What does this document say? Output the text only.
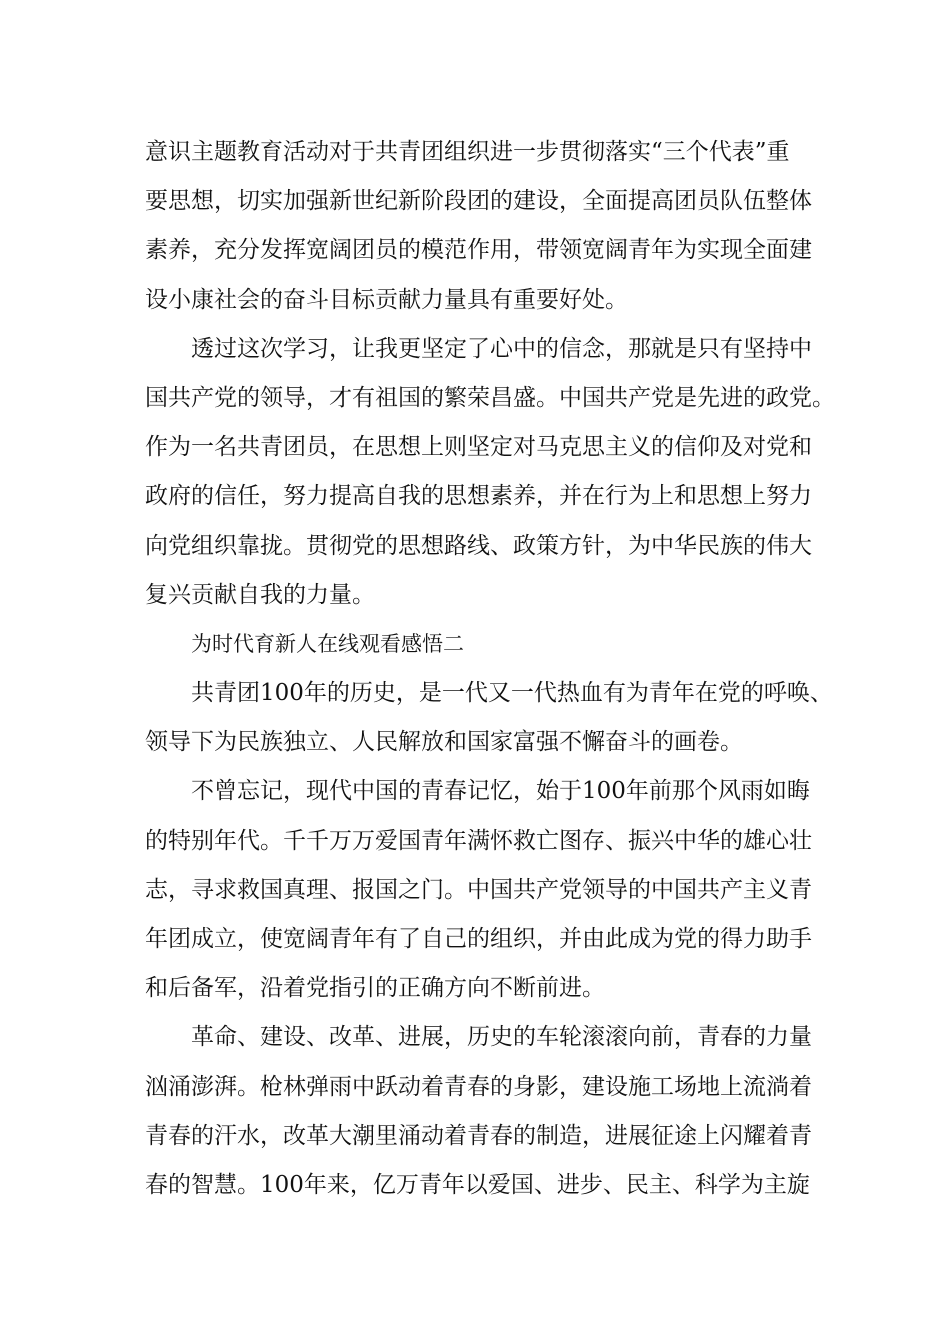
意识主题教育活动对于共青团组织进一步贯彻落实“三个代表”重
要思想，切实加强新世纪新阶段团的建设，全面提高团员队伍整体
素养，充分发挥宽阔团员的模范作用，带领宽阔青年为实现全面建
设小康社会的奋斗目标贡献力量具有重要好处。
透过这次学习，让我更坚定了心中的信念，那就是只有坚持中
国共产党的领导，才有祖国的繁荣昌盛。中国共产党是先进的政党。
作为一名共青团员，在思想上则坚定对马克思主义的信仰及对党和
政府的信任，努力提高自我的思想素养，并在行为上和思想上努力
向党组织靠拢。贯彻党的思想路线、政策方针，为中华民族的伟大
复兴贡献自我的力量。
为时代育新人在线观看感悟二
共青团100年的历史，是一代又一代热血有为青年在党的呼唤、
领导下为民族独立、人民解放和国家富强不懈奋斗的画卷。
不曾忘记，现代中国的青春记忆，始于100年前那个风雨如晦
的特别年代。千千万万爱国青年满怀救亡图存、振兴中华的雄心壮
志，寻求救国真理、报国之门。中国共产党领导的中国共产主义青
年团成立，使宽阔青年有了自己的组织，并由此成为党的得力助手
和后备军，沿着党指引的正确方向不断前进。
革命、建设、改革、进展，历史的车轮滚滚向前，青春的力量
汹涌澎湃。枪林弹雨中跃动着青春的身影，建设施工场地上流淌着
青春的汗水，改革大潮里涌动着青春的制造，进展征途上闪耀着青
春的智慧。100年来，亿万青年以爱国、进步、民主、科学为主旋
